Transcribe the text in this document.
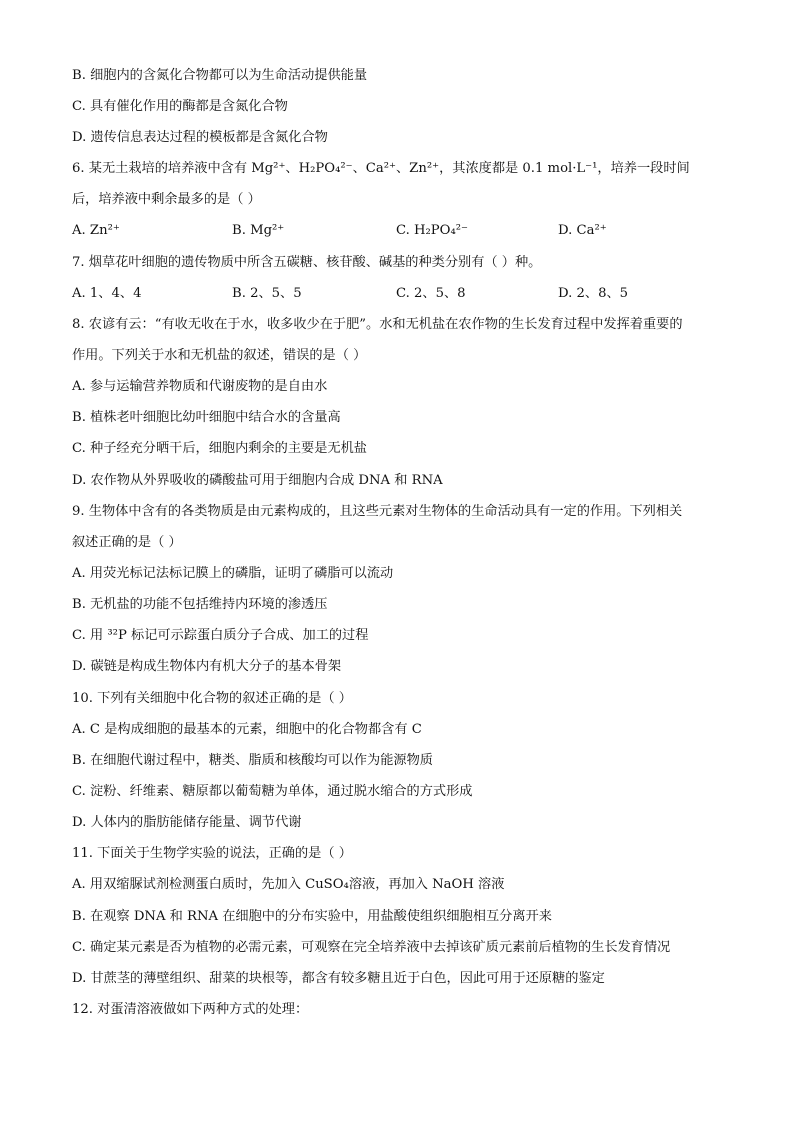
B. 细胞内的含氮化合物都可以为生命活动提供能量
C. 具有催化作用的酶都是含氮化合物
D. 遗传信息表达过程的模板都是含氮化合物
6. 某无土栽培的培养液中含有 Mg²⁺、H₂PO₄²⁻、Ca²⁺、Zn²⁺，其浓度都是 0.1 mol·L⁻¹，培养一段时间
后，培养液中剩余最多的是（ ）
A. Zn²⁺	B. Mg²⁺	C. H₂PO₄²⁻	D. Ca²⁺
7. 烟草花叶细胞的遗传物质中所含五碳糖、核苷酸、碱基的种类分别有（ ）种。
A. 1、4、4	B. 2、5、5	C. 2、5、8	D. 2、8、5
8. 农谚有云：“有收无收在于水，收多收少在于肥”。水和无机盐在农作物的生长发育过程中发挥着重要的
作用。下列关于水和无机盐的叙述，错误的是（ ）
A. 参与运输营养物质和代谢废物的是自由水
B. 植株老叶细胞比幼叶细胞中结合水的含量高
C. 种子经充分晒干后，细胞内剩余的主要是无机盐
D. 农作物从外界吸收的磷酸盐可用于细胞内合成 DNA 和 RNA
9. 生物体中含有的各类物质是由元素构成的，且这些元素对生物体的生命活动具有一定的作用。下列相关
叙述正确的是（ ）
A. 用荧光标记法标记膜上的磷脂，证明了磷脂可以流动
B. 无机盐的功能不包括维持内环境的渗透压
C. 用 ³²P 标记可示踪蛋白质分子合成、加工的过程
D. 碳链是构成生物体内有机大分子的基本骨架
10. 下列有关细胞中化合物的叙述正确的是（ ）
A. C 是构成细胞的最基本的元素，细胞中的化合物都含有 C
B. 在细胞代谢过程中，糖类、脂质和核酸均可以作为能源物质
C. 淀粉、纤维素、糖原都以葡萄糖为单体，通过脱水缩合的方式形成
D. 人体内的脂肪能储存能量、调节代谢
11. 下面关于生物学实验的说法，正确的是（ ）
A. 用双缩脲试剂检测蛋白质时，先加入 CuSO₄溶液，再加入 NaOH 溶液
B. 在观察 DNA 和 RNA 在细胞中的分布实验中，用盐酸使组织细胞相互分离开来
C. 确定某元素是否为植物的必需元素，可观察在完全培养液中去掉该矿质元素前后植物的生长发育情况
D. 甘蔗茎的薄壁组织、甜菜的块根等，都含有较多糖且近于白色，因此可用于还原糖的鉴定
12. 对蛋清溶液做如下两种方式的处理：
